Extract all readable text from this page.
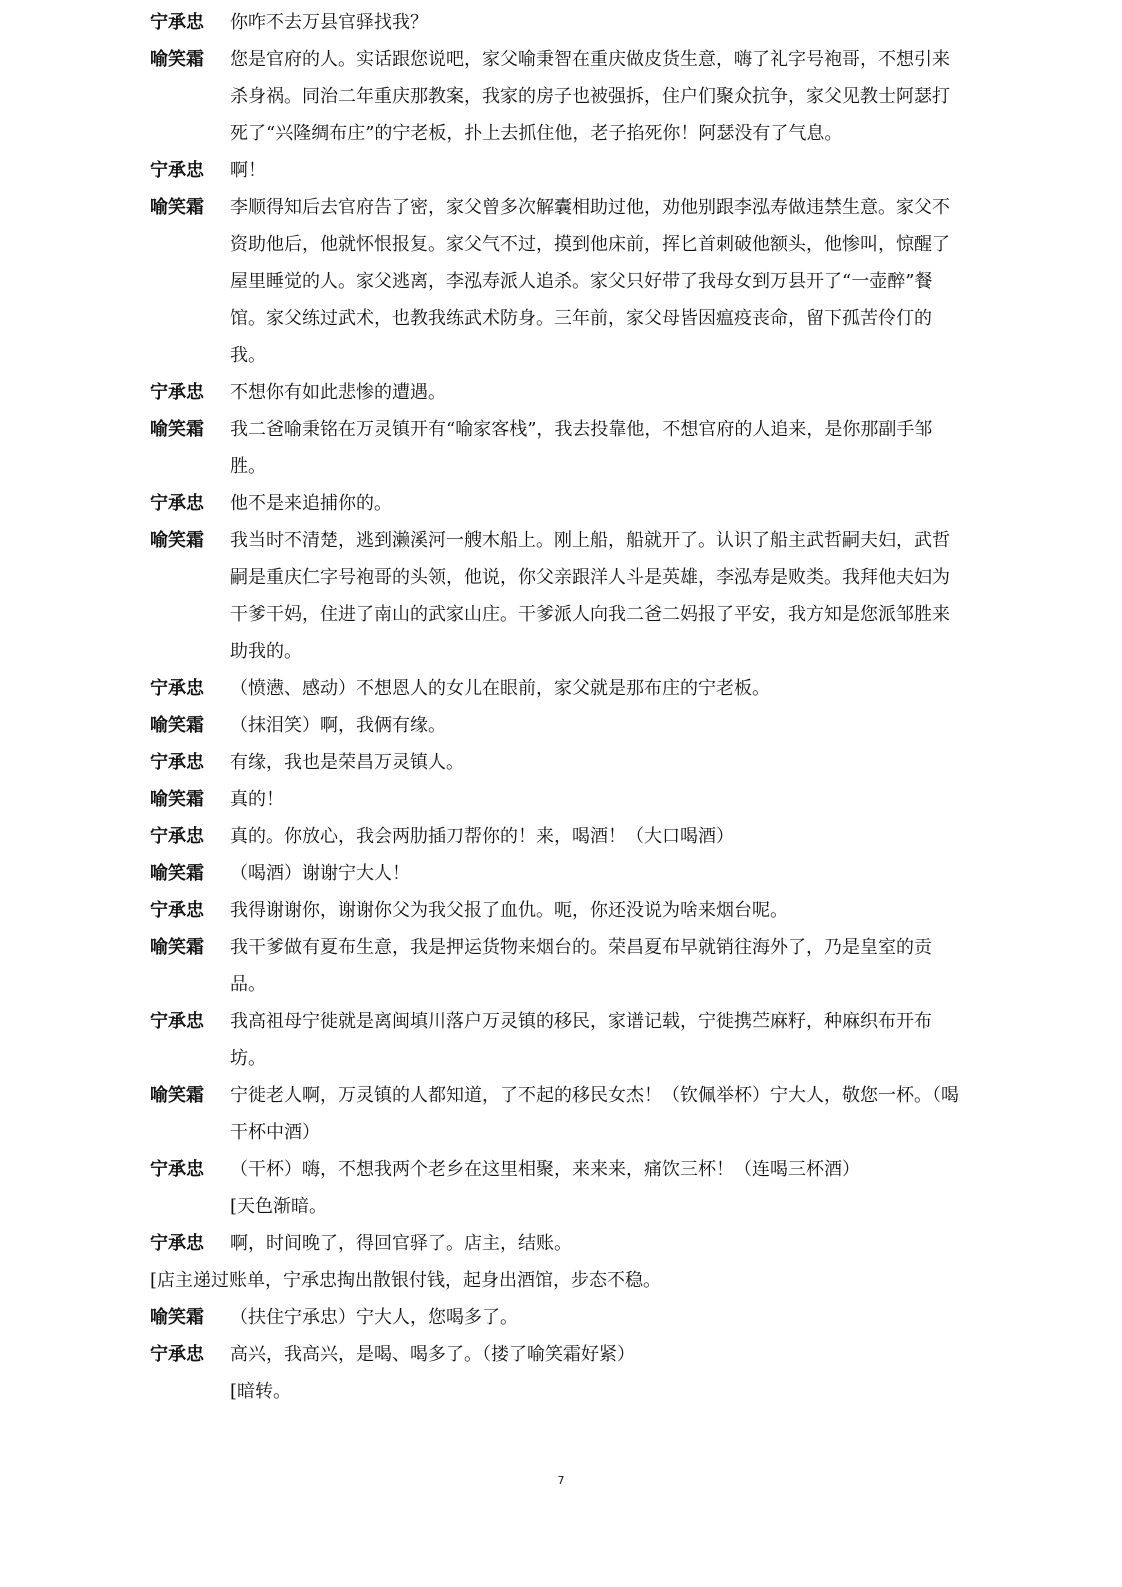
宁承忠	你咋不去万县官驿找我？
喻笑霜	您是官府的人。实话跟您说吧，家父喻秉智在重庆做皮货生意，嗨了礼字号袍哥，不想引来杀身祸。同治二年重庆那教案，我家的房子也被强拆，住户们聚众抗争，家父见教士阿瑟打死了“兴隆绸布庄”的宁老板，扑上去抓住他，老子掐死你！阿瑟没有了气息。
宁承忠	啊！
喻笑霜	李顺得知后去官府告了密，家父曾多次解囊相助过他，劝他别跟李泓寿做违禁生意。家父不资助他后，他就怀恨报复。家父气不过，摸到他床前，挥匕首刺破他额头，他惨叫，惊醒了屋里睡觉的人。家父逃离，李泓寿派人追杀。家父只好带了我母女到万县开了“一壶醉”餐馆。家父练过武术，也教我练武术防身。三年前，家父母皆因瘟疫丧命，留下孤苦伶仃的我。
宁承忠	不想你有如此悲惨的遭遇。
喻笑霜	我二爸喻秉铭在万灵镇开有“喻家客栈”，我去投靠他，不想官府的人追来，是你那副手邹胜。
宁承忠	他不是来追捕你的。
喻笑霜	我当时不清楚，逃到濑溪河一艘木船上。刚上船，船就开了。认识了船主武哲嗣夫妇，武哲嗣是重庆仁字号袍哥的头领，他说，你父亲跟洋人斗是英雄，李泓寿是败类。我拜他夫妇为干爹干妈，住进了南山的武家山庄。干爹派人向我二爸二妈报了平安，我方知是您派邹胜来助我的。
宁承忠	（愤懑、感动）不想恩人的女儿在眼前，家父就是那布庄的宁老板。
喻笑霜	（抹泪笑）啊，我俩有缘。
宁承忠	有缘，我也是荣昌万灵镇人。
喻笑霜	真的！
宁承忠	真的。你放心，我会两肋插刀帮你的！来，喝酒！（大口喝酒）
喻笑霜	（喝酒）谢谢宁大人！
宁承忠	我得谢谢你，谢谢你父为我父报了血仇。呃，你还没说为啥来烟台呢。
喻笑霜	我干爹做有夏布生意，我是押运货物来烟台的。荣昌夏布早就销往海外了，乃是皇室的贡品。
宁承忠	我高祖母宁徙就是离闽填川落户万灵镇的移民，家谱记载，宁徙携苎麻籽，种麻织布开布坊。
喻笑霜	宁徙老人啊，万灵镇的人都知道，了不起的移民女杰！（钦佩举杯）宁大人，敬您一杯。（喝干杯中酒）
宁承忠	（干杯）嗨，不想我两个老乡在这里相聚，来来来，痛饮三杯！（连喝三杯酒）
[天色渐暗。
宁承忠	啊，时间晚了，得回官驿了。店主，结账。
[店主递过账单，宁承忠掏出散银付钱，起身出酒馆，步态不稳。
喻笑霜	（扶住宁承忠）宁大人，您喝多了。
宁承忠	高兴，我高兴，是喝、喝多了。（搂了喻笑霜好紧）
[暗转。
7
